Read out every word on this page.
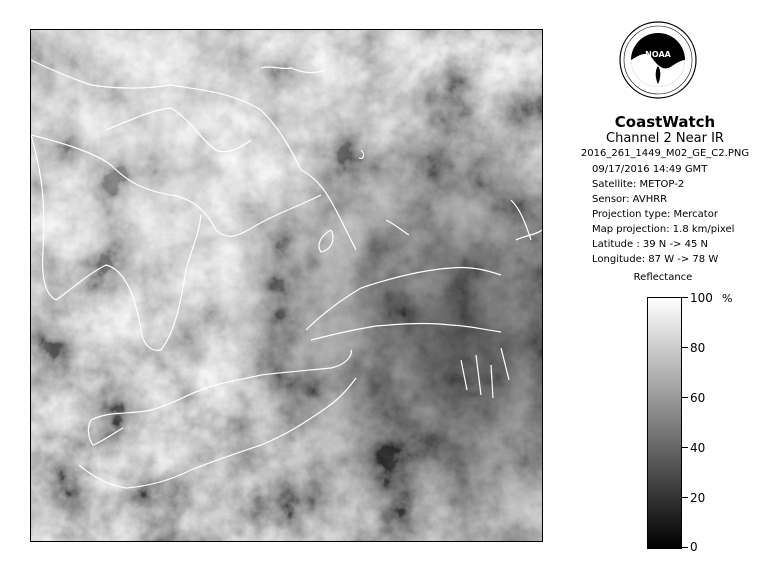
NOAA
CoastWatch
Channel 2 Near IR
2016_261_1449_M02_GE_C2.PNG
09/17/2016 14:49 GMT
Satellite: METOP-2
Sensor: AVHRR
Projection type: Mercator
Map projection: 1.8 km/pixel
Latitude : 39 N -> 45 N
Longitude: 87 W -> 78 W
Reflectance
%
100
80
60
40
20
0
